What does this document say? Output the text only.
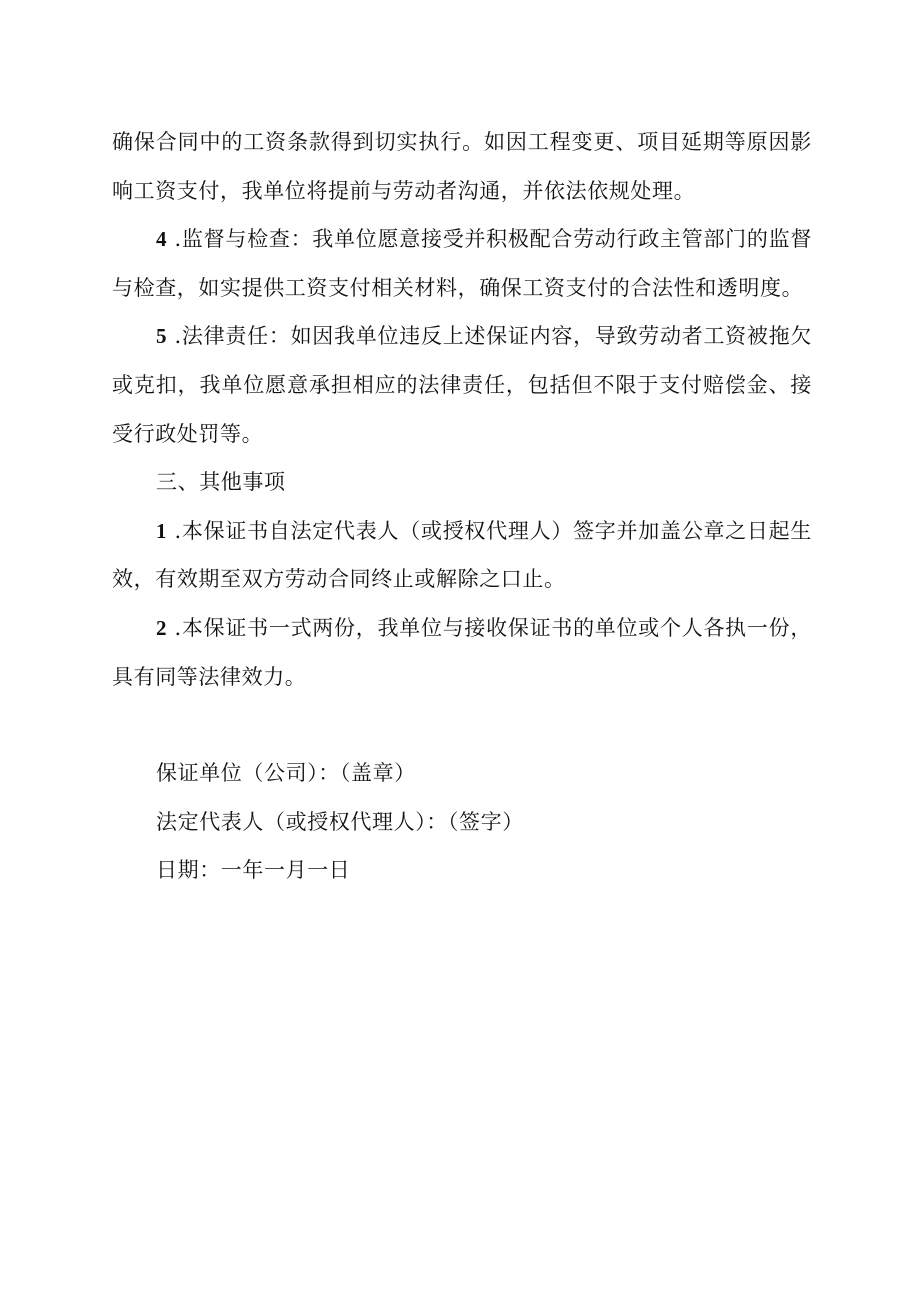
确保合同中的工资条款得到切实执行。如因工程变更、项目延期等原因影响工资支付，我单位将提前与劳动者沟通，并依法依规处理。

4 .监督与检查：我单位愿意接受并积极配合劳动行政主管部门的监督与检查，如实提供工资支付相关材料，确保工资支付的合法性和透明度。

5 .法律责任：如因我单位违反上述保证内容，导致劳动者工资被拖欠或克扣，我单位愿意承担相应的法律责任，包括但不限于支付赔偿金、接受行政处罚等。

三、其他事项

1 .本保证书自法定代表人（或授权代理人）签字并加盖公章之日起生效，有效期至双方劳动合同终止或解除之口止。

2 .本保证书一式两份，我单位与接收保证书的单位或个人各执一份，具有同等法律效力。

保证单位（公司）：（盖章）

法定代表人（或授权代理人）：（签字）

日期：一年一月一日
